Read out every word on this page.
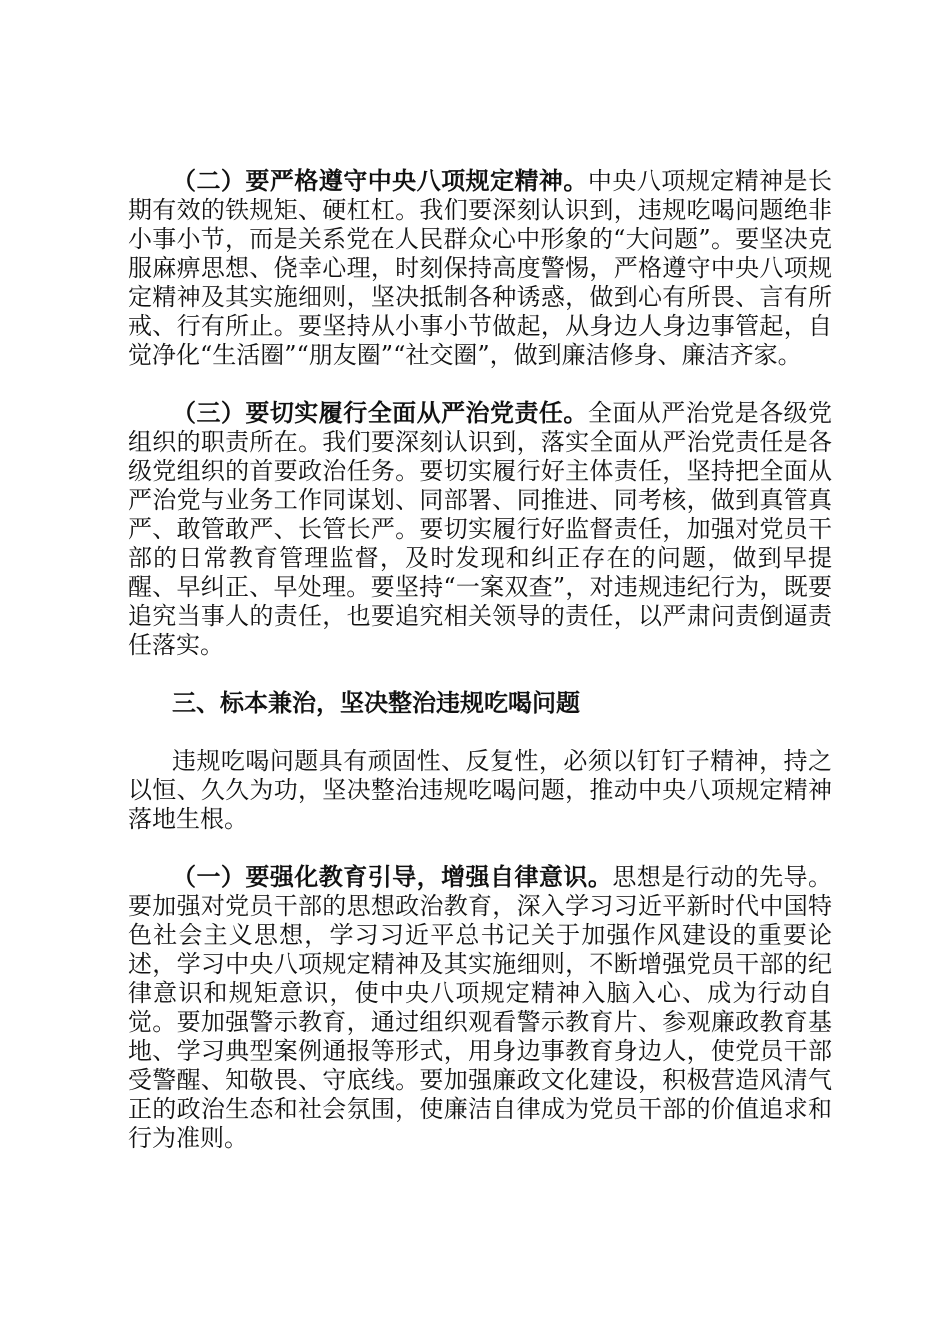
（二）要严格遵守中央八项规定精神。中央八项规定精神是长期有效的铁规矩、硬杠杠。我们要深刻认识到，违规吃喝问题绝非小事小节，而是关系党在人民群众心中形象的“大问题”。要坚决克服麻痹思想、侥幸心理，时刻保持高度警惕，严格遵守中央八项规定精神及其实施细则，坚决抵制各种诱惑，做到心有所畏、言有所戒、行有所止。要坚持从小事小节做起，从身边人身边事管起，自觉净化“生活圈”“朋友圈”“社交圈”，做到廉洁修身、廉洁齐家。

（三）要切实履行全面从严治党责任。全面从严治党是各级党组织的职责所在。我们要深刻认识到，落实全面从严治党责任是各级党组织的首要政治任务。要切实履行好主体责任，坚持把全面从严治党与业务工作同谋划、同部署、同推进、同考核，做到真管真严、敢管敢严、长管长严。要切实履行好监督责任，加强对党员干部的日常教育管理监督，及时发现和纠正存在的问题，做到早提醒、早纠正、早处理。要坚持“一案双查”，对违规违纪行为，既要追究当事人的责任，也要追究相关领导的责任，以严肃问责倒逼责任落实。

三、标本兼治，坚决整治违规吃喝问题

违规吃喝问题具有顽固性、反复性，必须以钉钉子精神，持之以恒、久久为功，坚决整治违规吃喝问题，推动中央八项规定精神落地生根。

（一）要强化教育引导，增强自律意识。思想是行动的先导。要加强对党员干部的思想政治教育，深入学习习近平新时代中国特色社会主义思想，学习习近平总书记关于加强作风建设的重要论述，学习中央八项规定精神及其实施细则，不断增强党员干部的纪律意识和规矩意识，使中央八项规定精神入脑入心、成为行动自觉。要加强警示教育，通过组织观看警示教育片、参观廉政教育基地、学习典型案例通报等形式，用身边事教育身边人，使党员干部受警醒、知敬畏、守底线。要加强廉政文化建设，积极营造风清气正的政治生态和社会氛围，使廉洁自律成为党员干部的价值追求和行为准则。
